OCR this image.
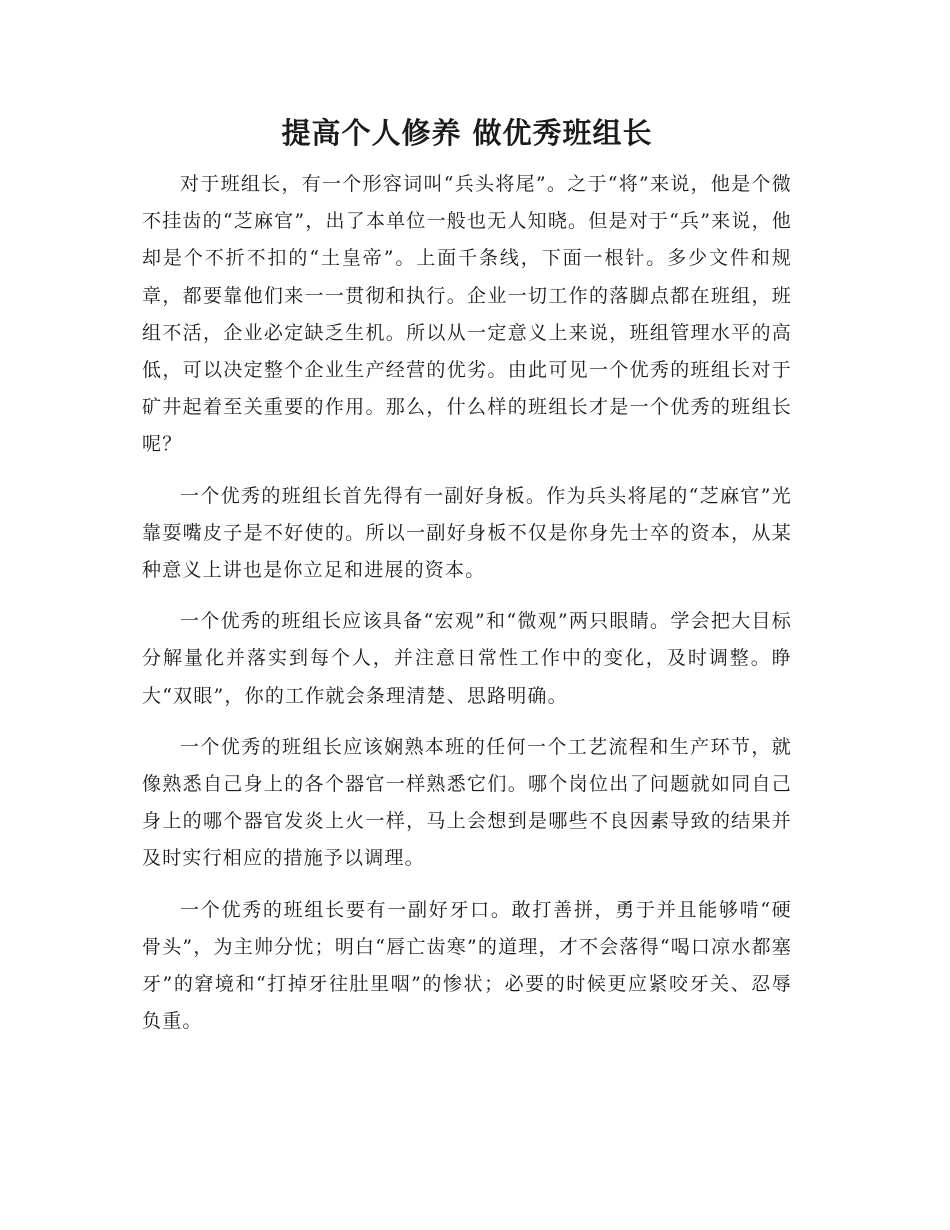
提高个人修养 做优秀班组长

对于班组长，有一个形容词叫“兵头将尾”。之于“将”来说，他是个微不挂齿的“芝麻官”，出了本单位一般也无人知晓。但是对于“兵”来说，他却是个不折不扣的“土皇帝”。上面千条线，下面一根针。多少文件和规章，都要靠他们来一一贯彻和执行。企业一切工作的落脚点都在班组，班组不活，企业必定缺乏生机。所以从一定意义上来说，班组管理水平的高低，可以决定整个企业生产经营的优劣。由此可见一个优秀的班组长对于矿井起着至关重要的作用。那么，什么样的班组长才是一个优秀的班组长呢？

一个优秀的班组长首先得有一副好身板。作为兵头将尾的“芝麻官”光靠耍嘴皮子是不好使的。所以一副好身板不仅是你身先士卒的资本，从某种意义上讲也是你立足和进展的资本。

一个优秀的班组长应该具备“宏观”和“微观”两只眼睛。学会把大目标分解量化并落实到每个人，并注意日常性工作中的变化，及时调整。睁大“双眼”，你的工作就会条理清楚、思路明确。

一个优秀的班组长应该娴熟本班的任何一个工艺流程和生产环节，就像熟悉自己身上的各个器官一样熟悉它们。哪个岗位出了问题就如同自己身上的哪个器官发炎上火一样，马上会想到是哪些不良因素导致的结果并及时实行相应的措施予以调理。

一个优秀的班组长要有一副好牙口。敢打善拼，勇于并且能够啃“硬骨头”，为主帅分忧；明白“唇亡齿寒”的道理，才不会落得“喝口凉水都塞牙”的窘境和“打掉牙往肚里咽”的惨状；必要的时候更应紧咬牙关、忍辱负重。
